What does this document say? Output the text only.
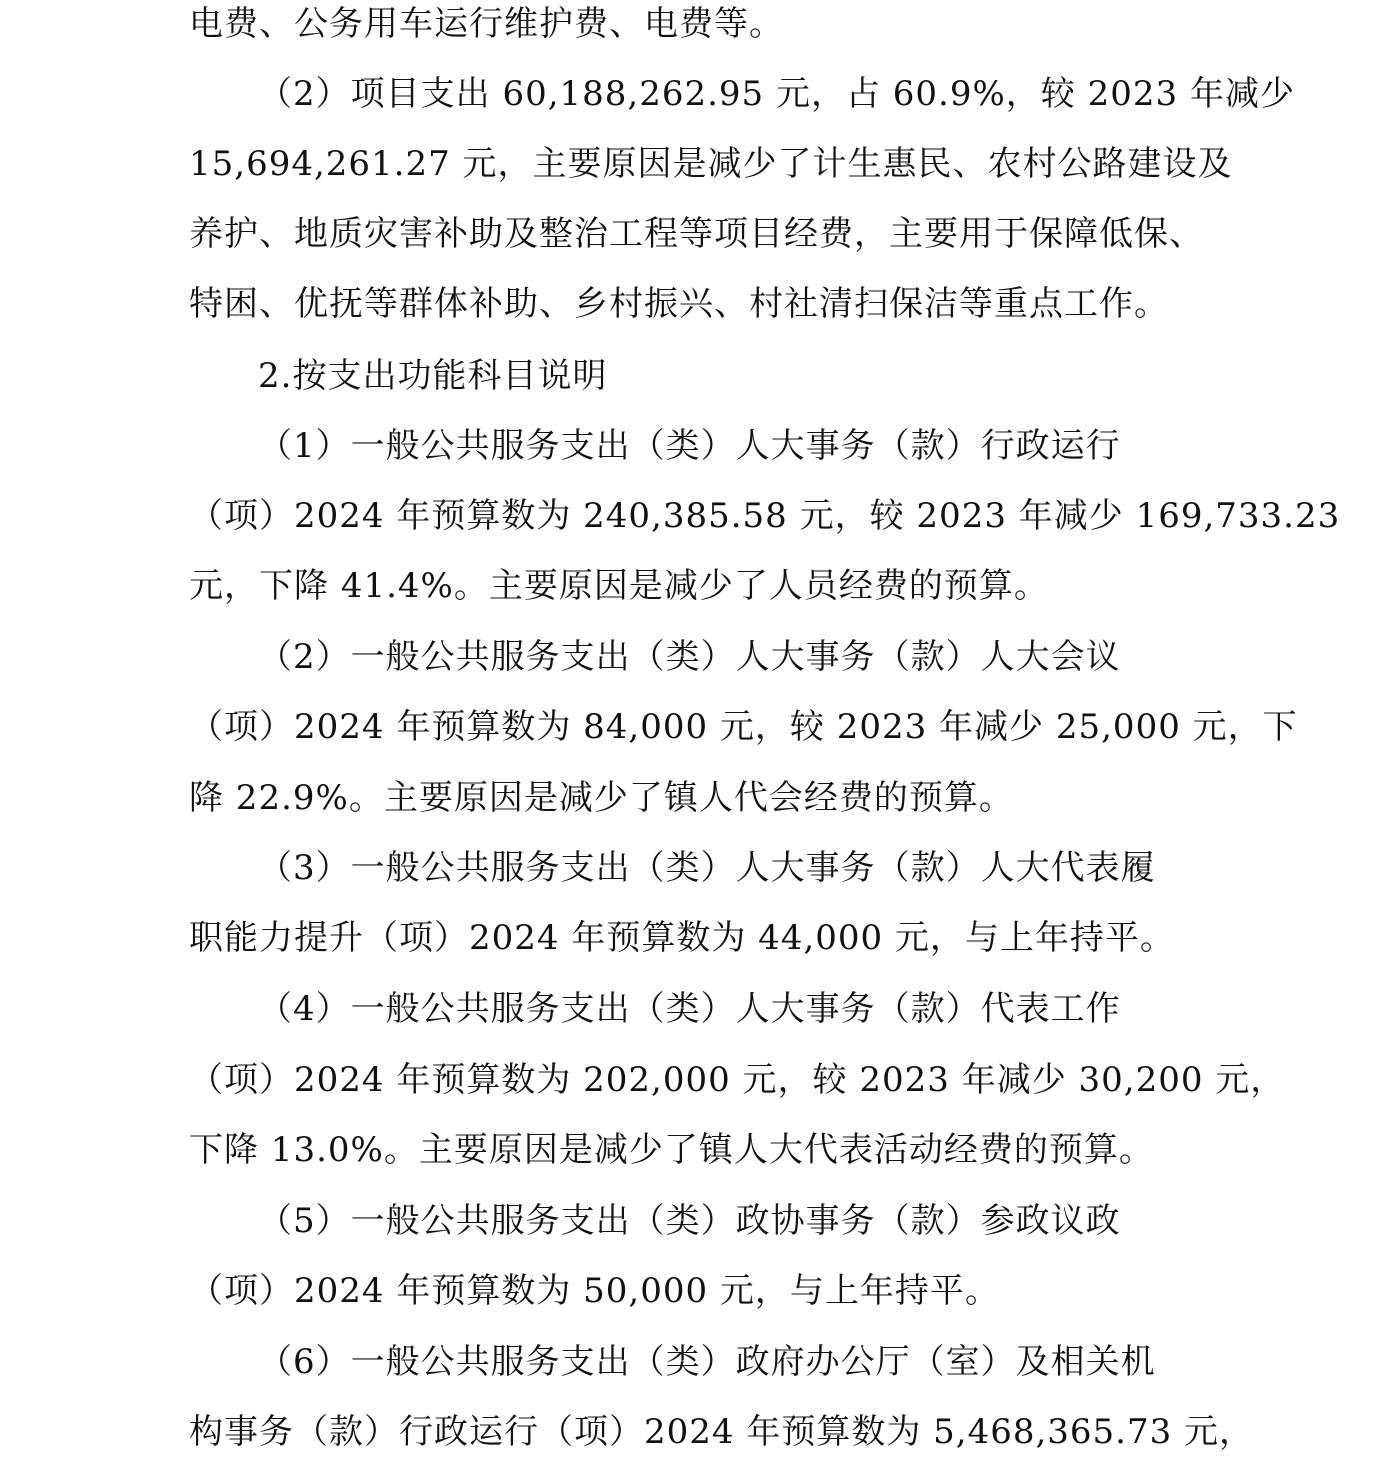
电费、公务用车运行维护费、电费等。
（2）项目支出 60,188,262.95 元，占 60.9%，较 2023 年减少
15,694,261.27 元，主要原因是减少了计生惠民、农村公路建设及
养护、地质灾害补助及整治工程等项目经费，主要用于保障低保、
特困、优抚等群体补助、乡村振兴、村社清扫保洁等重点工作。
2.按支出功能科目说明
（1）一般公共服务支出（类）人大事务（款）行政运行
（项）2024 年预算数为 240,385.58 元，较 2023 年减少 169,733.23
元，下降 41.4%。主要原因是减少了人员经费的预算。
（2）一般公共服务支出（类）人大事务（款）人大会议
（项）2024 年预算数为 84,000 元，较 2023 年减少 25,000 元，下
降 22.9%。主要原因是减少了镇人代会经费的预算。
（3）一般公共服务支出（类）人大事务（款）人大代表履
职能力提升（项）2024 年预算数为 44,000 元，与上年持平。
（4）一般公共服务支出（类）人大事务（款）代表工作
（项）2024 年预算数为 202,000 元，较 2023 年减少 30,200 元，
下降 13.0%。主要原因是减少了镇人大代表活动经费的预算。
（5）一般公共服务支出（类）政协事务（款）参政议政
（项）2024 年预算数为 50,000 元，与上年持平。
（6）一般公共服务支出（类）政府办公厅（室）及相关机
构事务（款）行政运行（项）2024 年预算数为 5,468,365.73 元，
